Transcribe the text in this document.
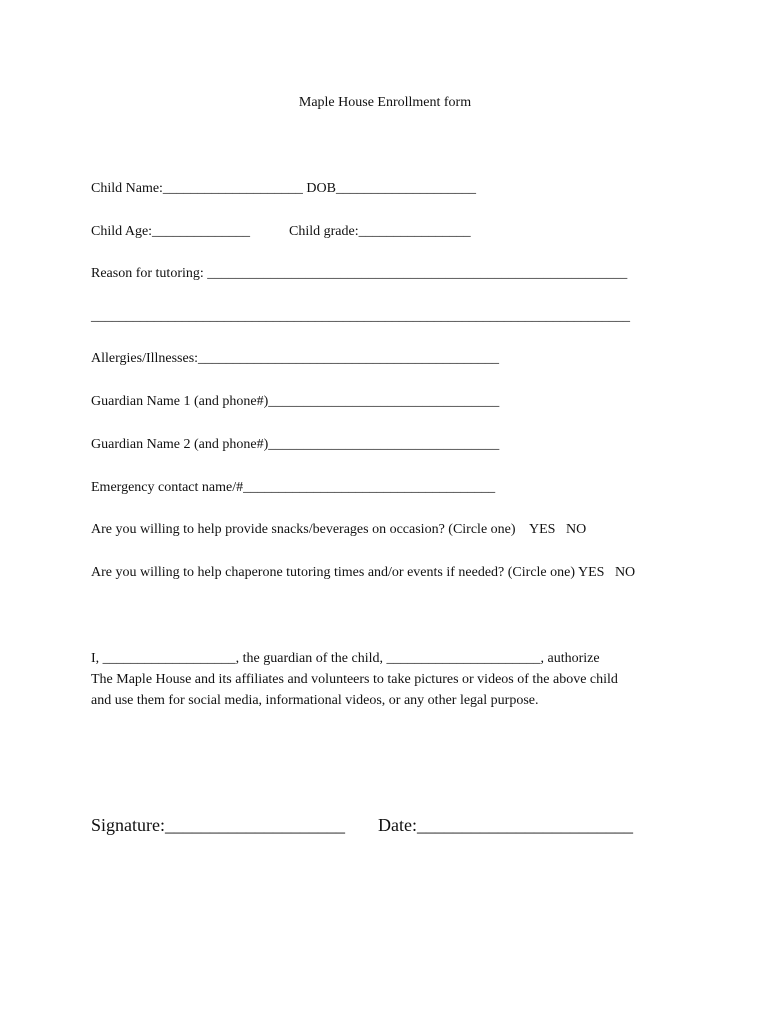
Maple House Enrollment form
Child Name:____________________ DOB____________________
Child Age:______________	Child grade:________________
Reason for tutoring: ____________________________________________________________
_____________________________________________________________________________
Allergies/Illnesses:___________________________________________
Guardian Name 1 (and phone#)_________________________________
Guardian Name 2 (and phone#)_________________________________
Emergency contact name/#____________________________________
Are you willing to help provide snacks/beverages on occasion? (Circle one)    YES   NO
Are you willing to help chaperone tutoring times and/or events if needed? (Circle one) YES   NO
I, ___________________, the guardian of the child, ______________________, authorize
The Maple House and its affiliates and volunteers to take pictures or videos of the above child
and use them for social media, informational videos, or any other legal purpose.
Signature:____________________ Date:________________________
